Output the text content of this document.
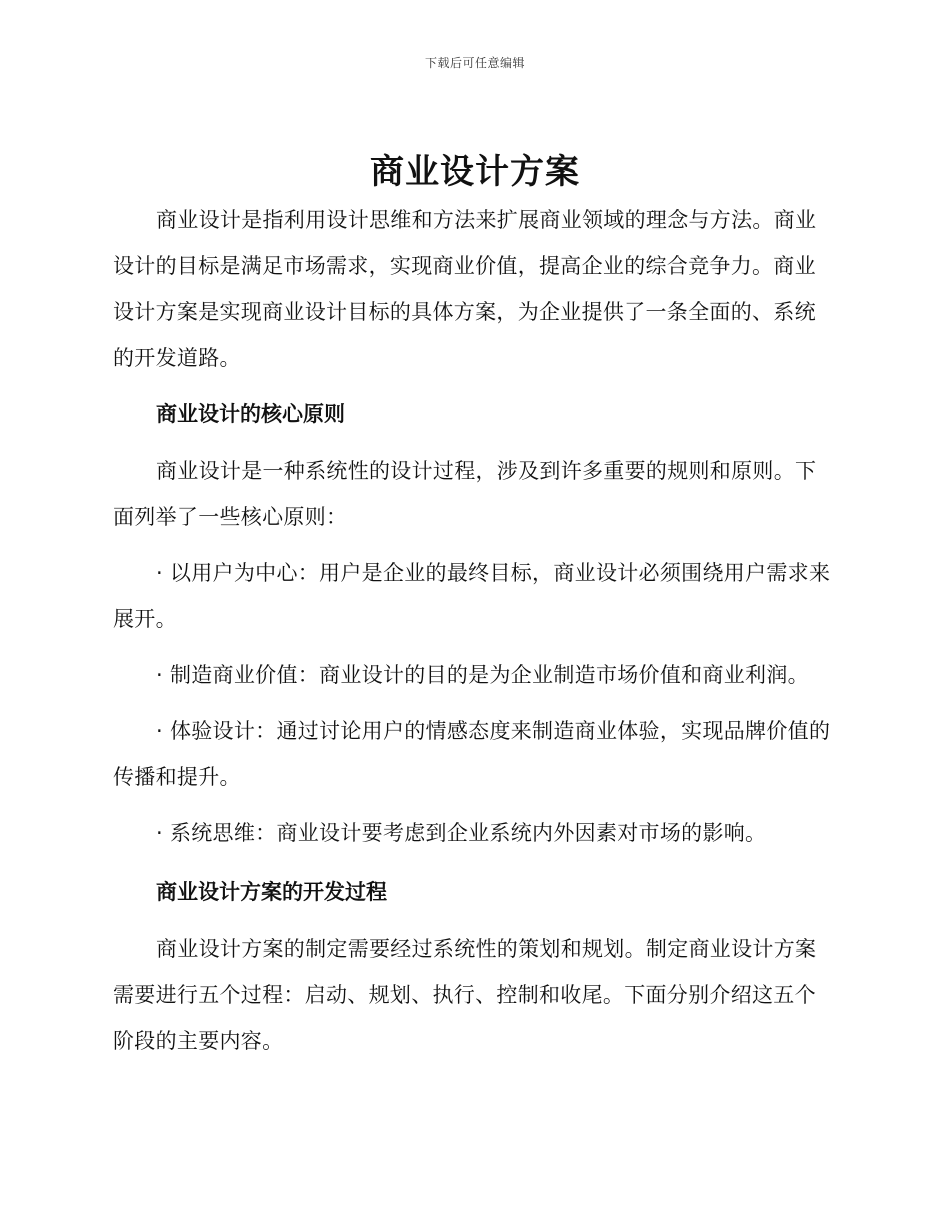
下载后可任意编辑
商业设计方案

商业设计是指利用设计思维和方法来扩展商业领域的理念与方法。商业设计的目标是满足市场需求，实现商业价值，提高企业的综合竞争力。商业设计方案是实现商业设计目标的具体方案，为企业提供了一条全面的、系统的开发道路。

商业设计的核心原则

商业设计是一种系统性的设计过程，涉及到许多重要的规则和原则。下面列举了一些核心原则：

· 以用户为中心：用户是企业的最终目标，商业设计必须围绕用户需求来展开。

· 制造商业价值：商业设计的目的是为企业制造市场价值和商业利润。

· 体验设计：通过讨论用户的情感态度来制造商业体验，实现品牌价值的传播和提升。

· 系统思维：商业设计要考虑到企业系统内外因素对市场的影响。

商业设计方案的开发过程

商业设计方案的制定需要经过系统性的策划和规划。制定商业设计方案需要进行五个过程：启动、规划、执行、控制和收尾。下面分别介绍这五个阶段的主要内容。
